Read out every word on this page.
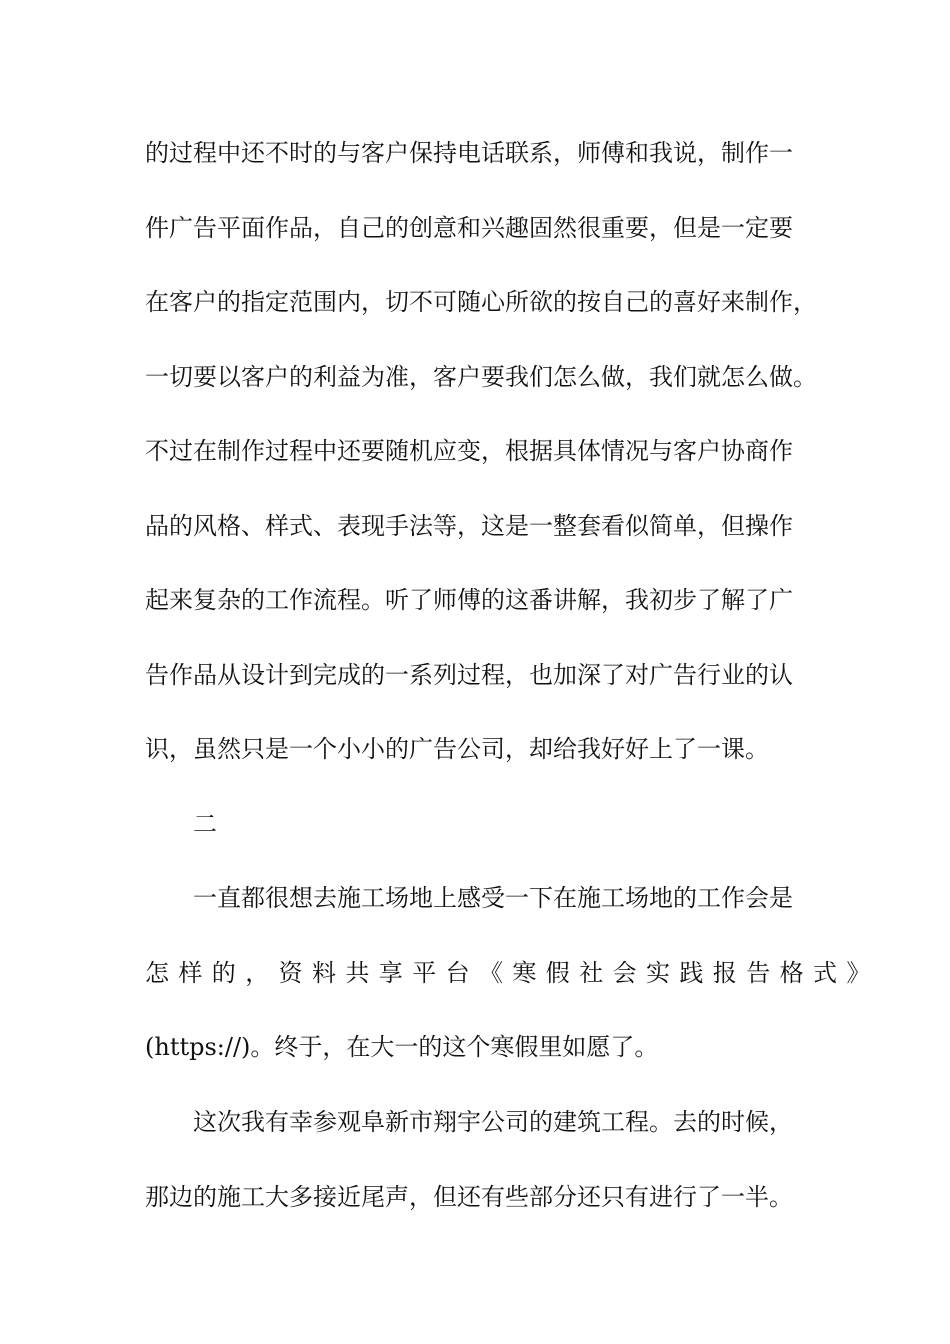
的过程中还不时的与客户保持电话联系，师傅和我说，制作一
件广告平面作品，自己的创意和兴趣固然很重要，但是一定要
在客户的指定范围内，切不可随心所欲的按自己的喜好来制作，
一切要以客户的利益为准，客户要我们怎么做，我们就怎么做。
不过在制作过程中还要随机应变，根据具体情况与客户协商作
品的风格、样式、表现手法等，这是一整套看似简单，但操作
起来复杂的工作流程。听了师傅的这番讲解，我初步了解了广
告作品从设计到完成的一系列过程，也加深了对广告行业的认
识，虽然只是一个小小的广告公司，却给我好好上了一课。
二
一直都很想去施工场地上感受一下在施工场地的工作会是
怎样的，资料共享平台《寒假社会实践报告格式》
(https://)。终于，在大一的这个寒假里如愿了。
这次我有幸参观阜新市翔宇公司的建筑工程。去的时候，
那边的施工大多接近尾声，但还有些部分还只有进行了一半。
